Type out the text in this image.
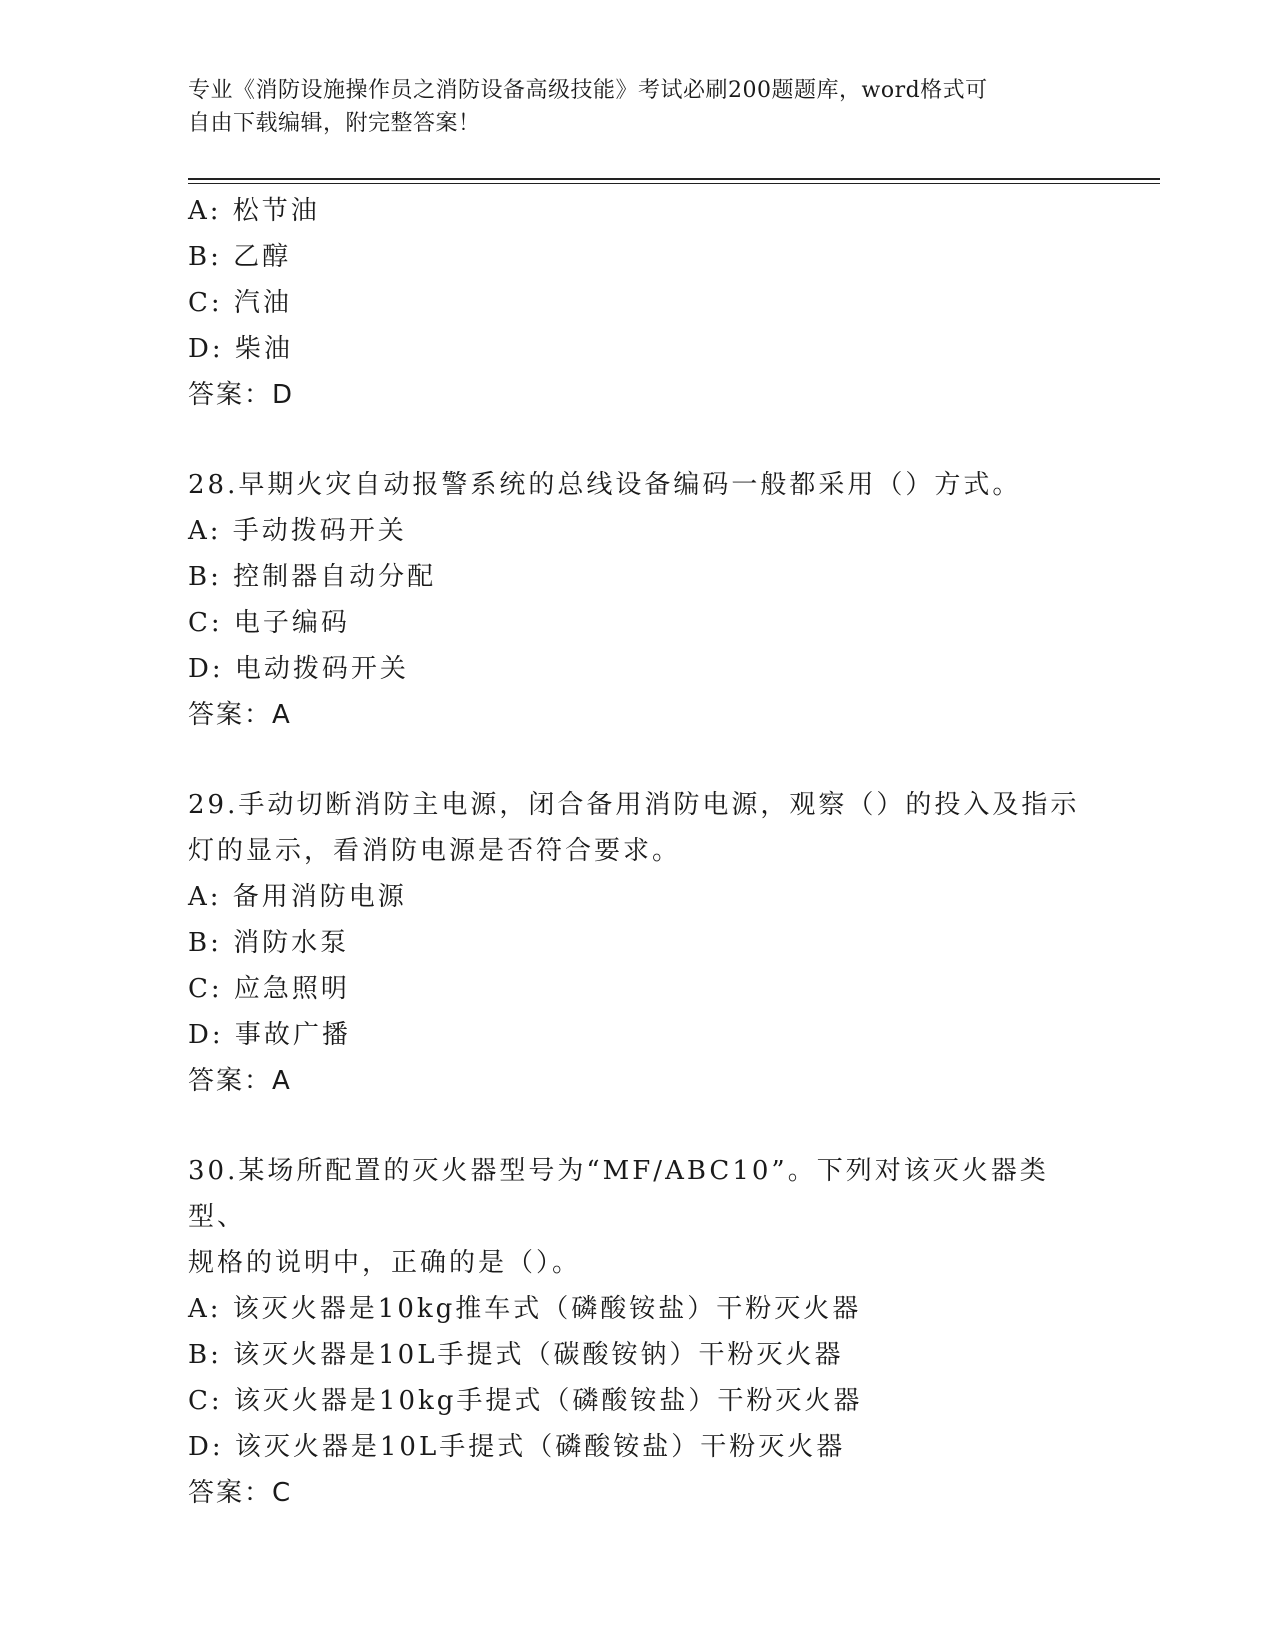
专业《消防设施操作员之消防设备高级技能》考试必刷200题题库，word格式可
自由下载编辑，附完整答案！
A: 松节油
B: 乙醇
C: 汽油
D: 柴油
答案：D
28.早期火灾自动报警系统的总线设备编码一般都采用（）方式。
A: 手动拨码开关
B: 控制器自动分配
C: 电子编码
D: 电动拨码开关
答案：A
29.手动切断消防主电源，闭合备用消防电源，观察（）的投入及指示
灯的显示，看消防电源是否符合要求。
A: 备用消防电源
B: 消防水泵
C: 应急照明
D: 事故广播
答案：A
30.某场所配置的灭火器型号为“MF/ABC10”。下列对该灭火器类型、
规格的说明中，正确的是（）。
A: 该灭火器是10kg推车式（磷酸铵盐）干粉灭火器
B: 该灭火器是10L手提式（碳酸铵钠）干粉灭火器
C: 该灭火器是10kg手提式（磷酸铵盐）干粉灭火器
D: 该灭火器是10L手提式（磷酸铵盐）干粉灭火器
答案：C
